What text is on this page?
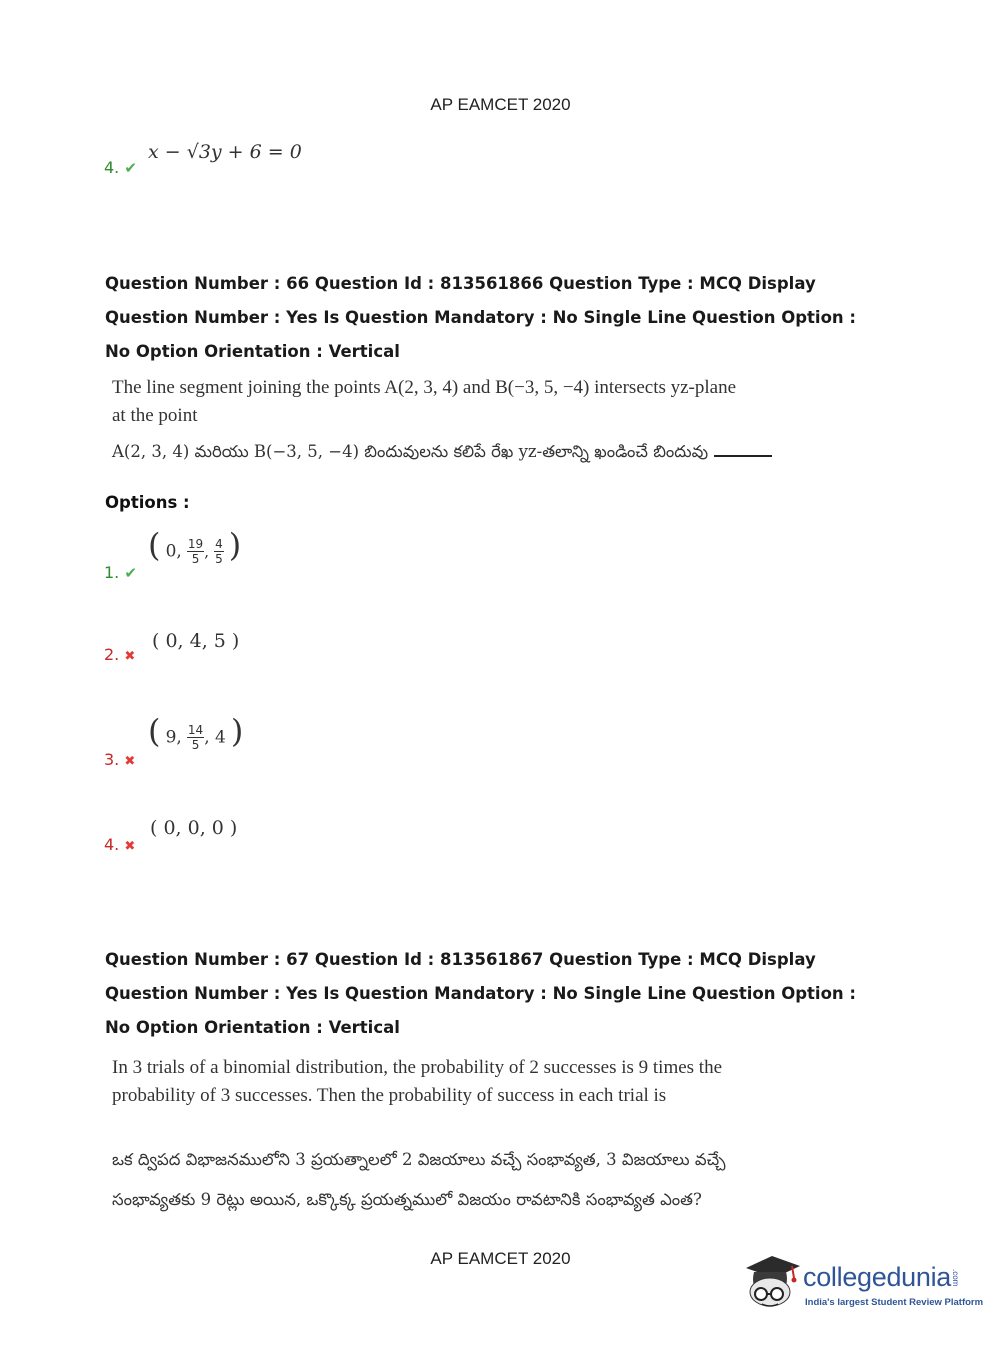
AP EAMCET 2020
4. ✔
x − √3y + 6 = 0
Question Number : 66 Question Id : 813561866 Question Type : MCQ Display Question Number : Yes Is Question Mandatory : No Single Line Question Option : No Option Orientation : Vertical
The line segment joining the points A(2, 3, 4) and B(−3, 5, −4) intersects yz-plane at the point
A(2, 3, 4) మరియు B(−3, 5, −4) బిందువులను కలిపే రేఖ yz-తలాన్ని ఖండించే బిందువు
Options :
1. ✔
( 0, $\frac{19}{5}$ , $\frac{4}{5}$ )
2. ✖
( 0, 4, 5 )
3. ✖
( 9, $\frac{14}{5}$ , 4 )
4. ✖
( 0, 0, 0 )
Question Number : 67 Question Id : 813561867 Question Type : MCQ Display Question Number : Yes Is Question Mandatory : No Single Line Question Option : No Option Orientation : Vertical
In 3 trials of a binomial distribution, the probability of 2 successes is 9 times the probability of 3 successes. Then the probability of success in each trial is
ఒక ద్విపద విభాజనములోని 3 ప్రయత్నాలలో 2 విజయాలు వచ్చే సంభావ్యత, 3 విజయాలు వచ్చే సంభావ్యతకు 9 రెట్లు అయిన, ఒక్కొక్క ప్రయత్నములో విజయం రావటానికి సంభావ్యత ఎంత?
AP EAMCET 2020
collegedunia.com
India's largest Student Review Platform
